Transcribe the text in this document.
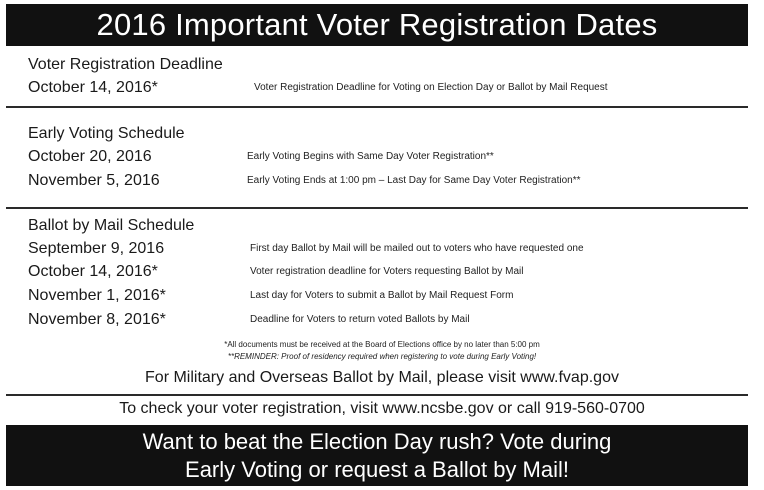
2016 Important Voter Registration Dates
Voter Registration Deadline
October 14, 2016*	Voter Registration Deadline for Voting on Election Day or Ballot by Mail Request
Early Voting Schedule
October 20, 2016	Early Voting Begins with Same Day Voter Registration**
November 5, 2016	Early Voting Ends at 1:00 pm – Last Day for Same Day Voter Registration**
Ballot by Mail Schedule
September 9, 2016	First day Ballot by Mail will be mailed out to voters who have requested one
October 14, 2016*	Voter registration deadline for Voters requesting Ballot by Mail
November 1, 2016*	Last day for Voters to submit a Ballot by Mail Request Form
November 8, 2016*	Deadline for Voters to return voted Ballots by Mail
*All documents must be received at the Board of Elections office by no later than 5:00 pm
**REMINDER: Proof of residency required when registering to vote during Early Voting!
For Military and Overseas Ballot by Mail, please visit www.fvap.gov
To check your voter registration, visit www.ncsbe.gov or call 919-560-0700
Want to beat the Election Day rush? Vote during
Early Voting or request a Ballot by Mail!
